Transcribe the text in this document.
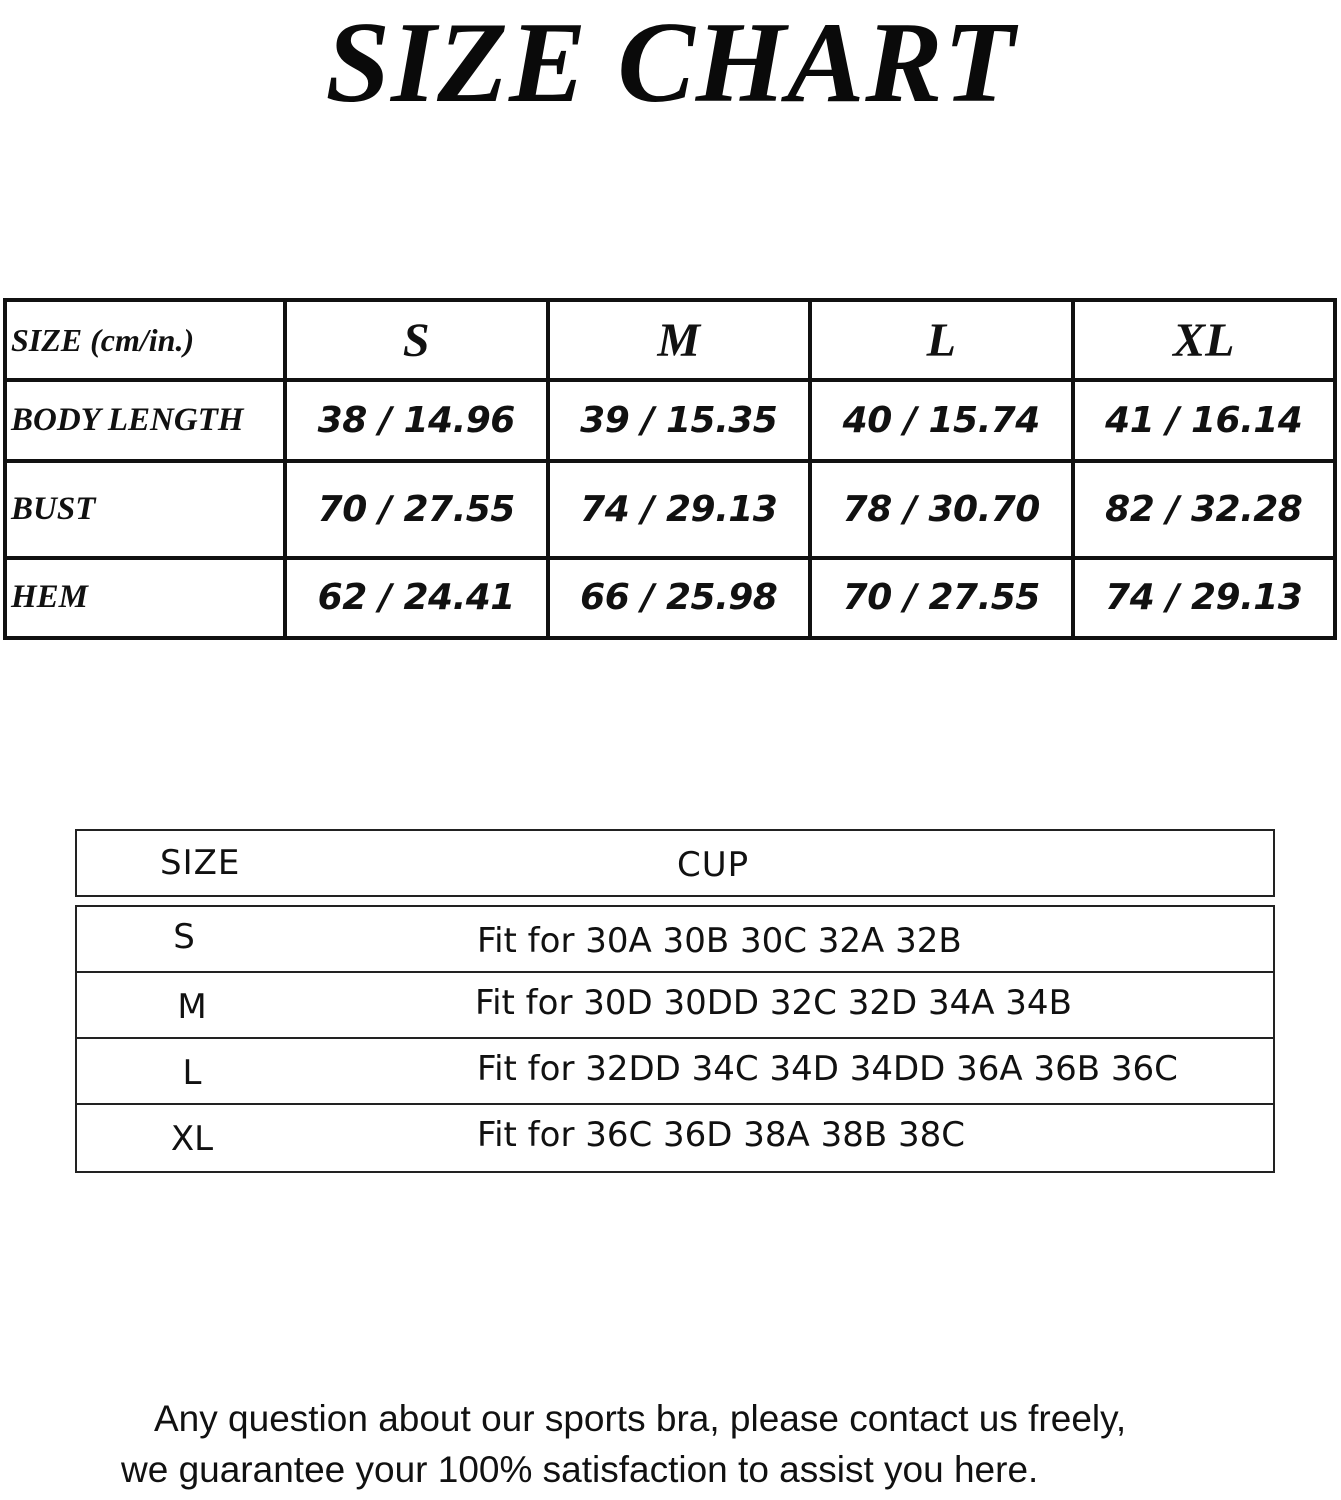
SIZE CHART
SIZE (cm/in.)	S	M	L	XL
BODY LENGTH	38 / 14.96	39 / 15.35	40 / 15.74	41 / 16.14
BUST	70 / 27.55	74 / 29.13	78 / 30.70	82 / 32.28
HEM	62 / 24.41	66 / 25.98	70 / 27.55	74 / 29.13
SIZE	CUP
S	Fit for 30A 30B 30C 32A 32B
M	Fit for 30D 30DD 32C 32D 34A 34B
L	Fit for 32DD 34C 34D 34DD 36A 36B 36C
XL	Fit for 36C 36D 38A 38B 38C
Any question about our sports bra, please contact us freely,
we guarantee your 100% satisfaction to assist you here.
